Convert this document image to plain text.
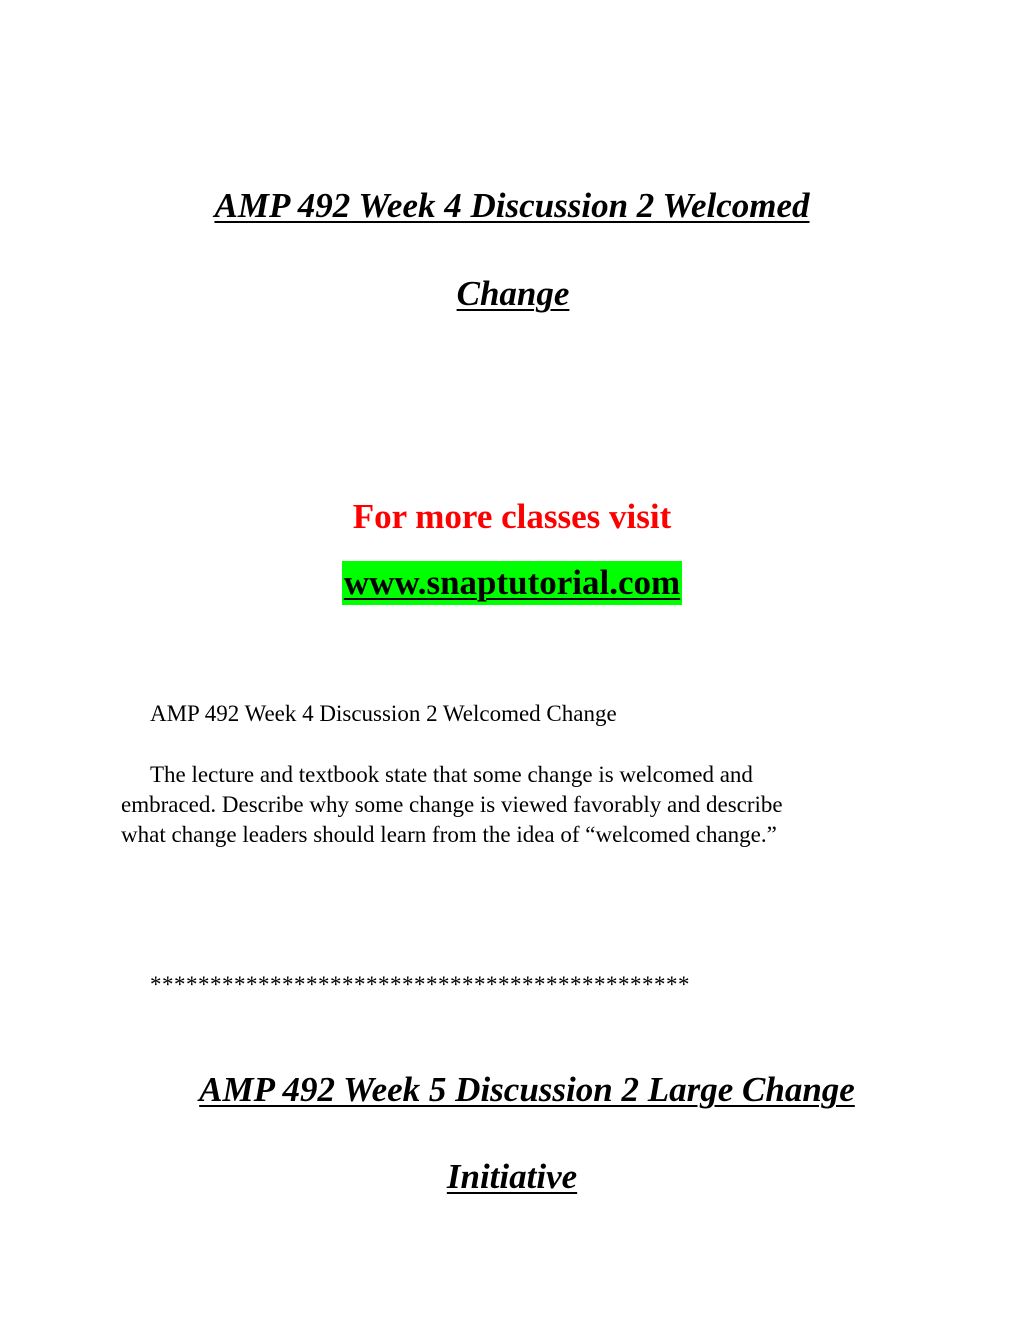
AMP 492 Week 4 Discussion 2 Welcomed
Change
For more classes visit
www.snaptutorial.com
AMP 492 Week 4 Discussion 2 Welcomed Change
The lecture and textbook state that some change is welcomed and
embraced. Describe why some change is viewed favorably and describe
what change leaders should learn from the idea of “welcomed change.”
*********************************************
AMP 492 Week 5 Discussion 2 Large Change
Initiative
